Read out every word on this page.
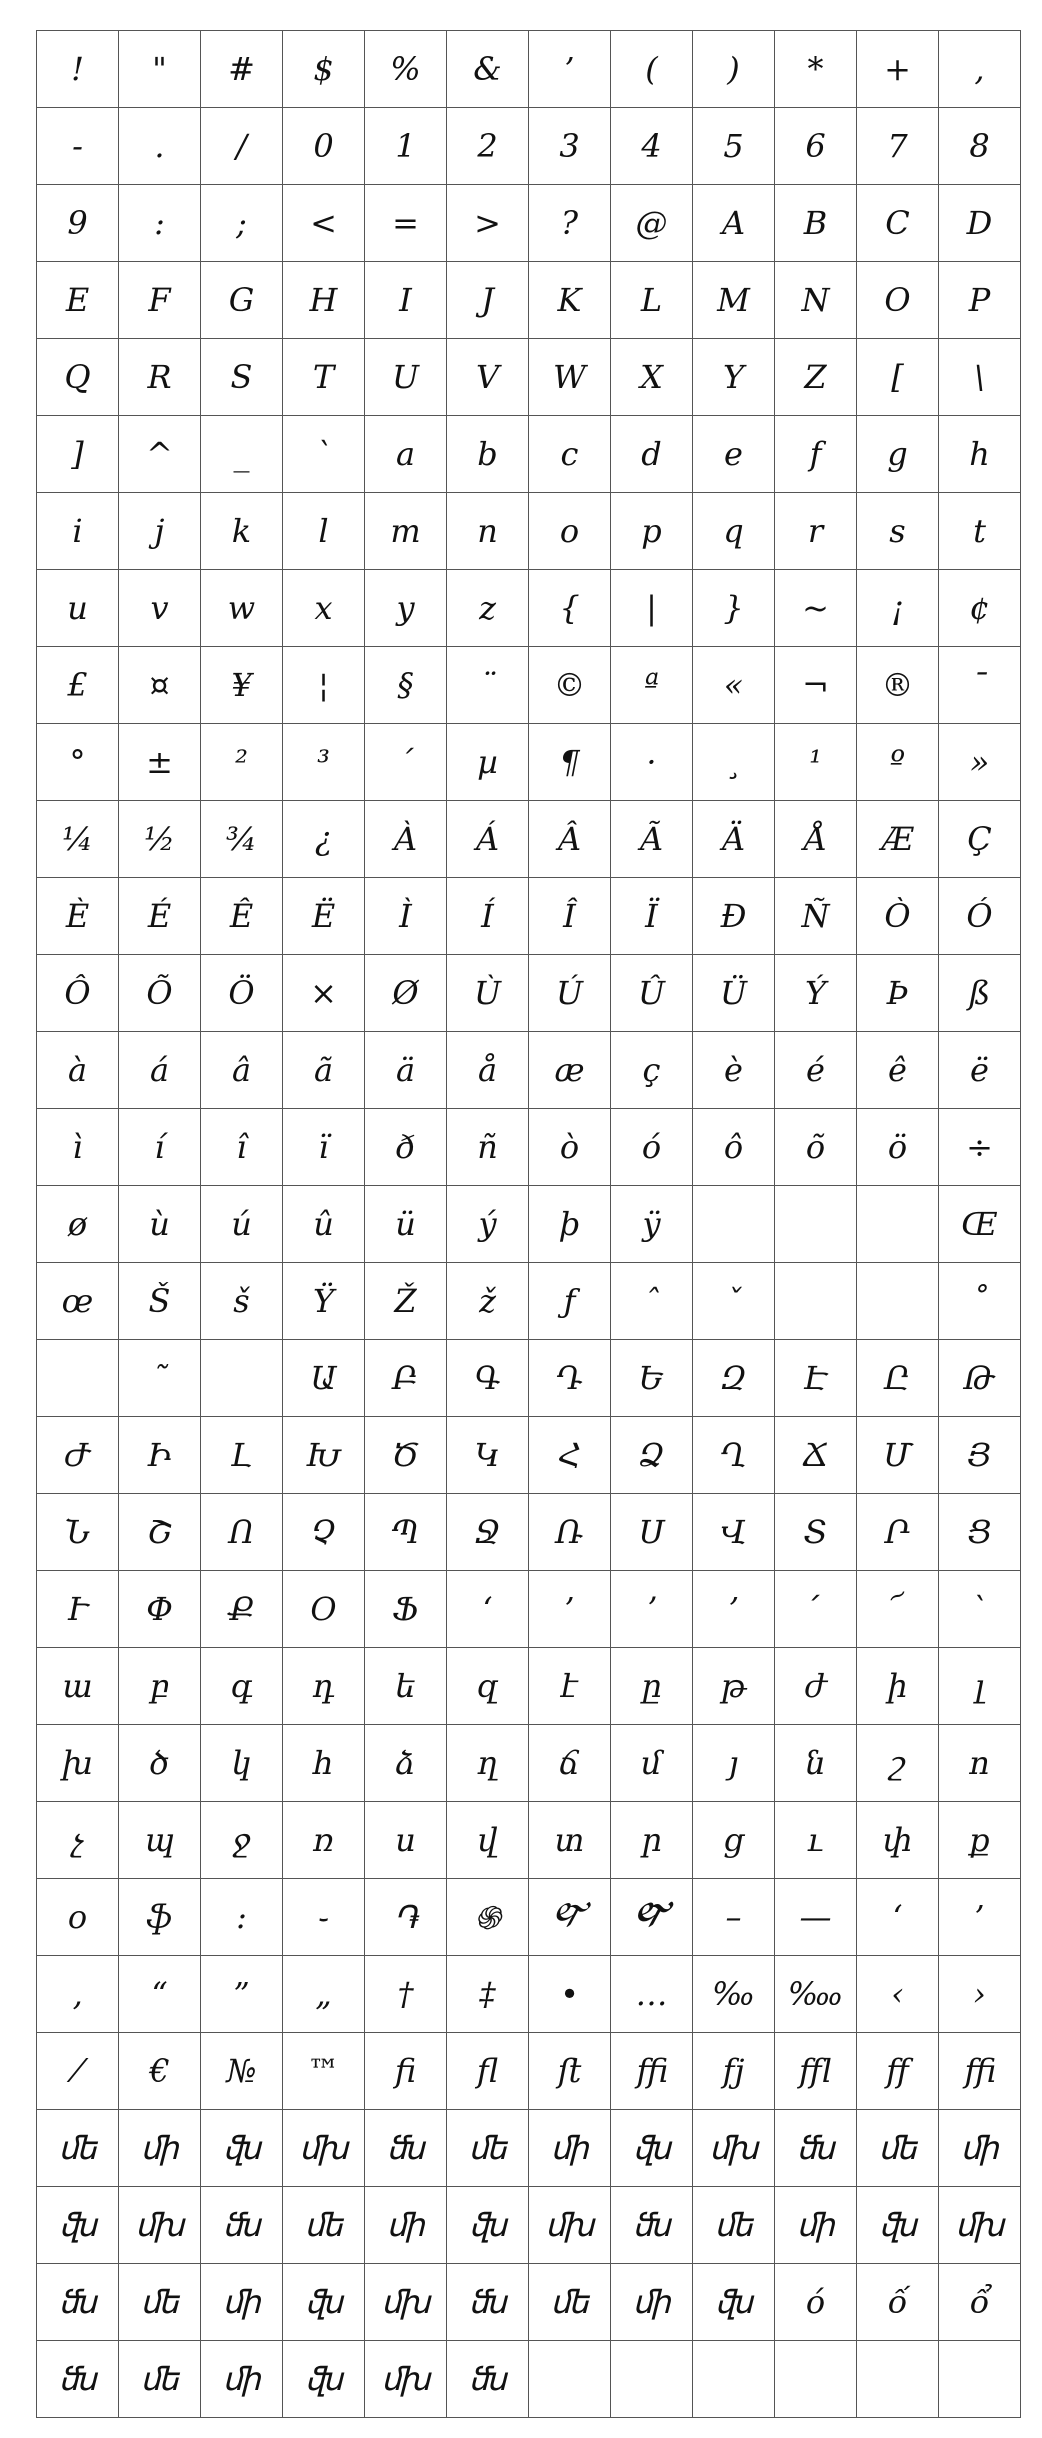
!	"	#	$	%	&	’	(	)	*	+	,
-	.	/	0	1	2	3	4	5	6	7	8
9	:	;	<	=	>	?	@	A	B	C	D
E	F	G	H	I	J	K	L	M	N	O	P
Q	R	S	T	U	V	W	X	Y	Z	[	\
]	^	_	`	a	b	c	d	e	f	g	h
i	j	k	l	m	n	o	p	q	r	s	t
u	v	w	x	y	z	{	|	}	~	¡	¢
£	¤	¥	¦	§	¨	©	ª	«	¬	®	¯
°	±	²	³	´	µ	¶	·	¸	¹	º	»
¼	½	¾	¿	À	Á	Â	Ã	Ä	Å	Æ	Ç
È	É	Ê	Ë	Ì	Í	Î	Ï	Ð	Ñ	Ò	Ó
Ô	Õ	Ö	×	Ø	Ù	Ú	Û	Ü	Ý	Þ	ß
à	á	â	ã	ä	å	æ	ç	è	é	ê	ë
ì	í	î	ï	ð	ñ	ò	ó	ô	õ	ö	÷
ø	ù	ú	û	ü	ý	þ	ÿ				Œ
œ	Š	š	Ÿ	Ž	ž	ƒ	ˆ	ˇ			˚
	˜		Ա	Բ	Գ	Դ	Ե	Զ	Է	Ը	Թ
Ժ	Ի	Լ	Խ	Ծ	Կ	Հ	Ձ	Ղ	Ճ	Մ	Յ
Ն	Շ	Ո	Չ	Պ	Ջ	Ռ	Ս	Վ	Տ	Ր	Ց
Ւ	Փ	Ք	Օ	Ֆ	ʻ	’	ʼ	՚	՛	՜	՝
ա	բ	գ	դ	ե	զ	է	ը	թ	ժ	ի	լ
խ	ծ	կ	հ	ձ	ղ	ճ	մ	յ	ն	շ	ո
չ	պ	ջ	ռ	ս	վ	տ	ր	ց	ւ	փ	ք
օ	ֆ	:	֊	֏	֍	🙰	🙱	–	—	‘	’
‚	“	”	„	†	‡	•	…	‰	‱	‹	›
⁄	€	№	™	ﬁ	ﬂ	ﬅ	ﬃ	fj	ﬀl	ﬀ	ﬃ
ﬔ	ﬕ	ﬖ	ﬗ	ﬓ	ﬔ	ﬕ	ﬖ	ﬗ	ﬓ	ﬔ	ﬕ
ﬖ	ﬗ	ﬓ	ﬔ	ﬕ	ﬖ	ﬗ	ﬓ	ﬔ	ﬕ	ﬖ	ﬗ
ﬓ	ﬔ	ﬕ	ﬖ	ﬗ	ﬓ	ﬔ	ﬕ	ﬖ	ó	ố	ổ
ﬓ	ﬔ	ﬕ	ﬖ	ﬗ	ﬓ						
